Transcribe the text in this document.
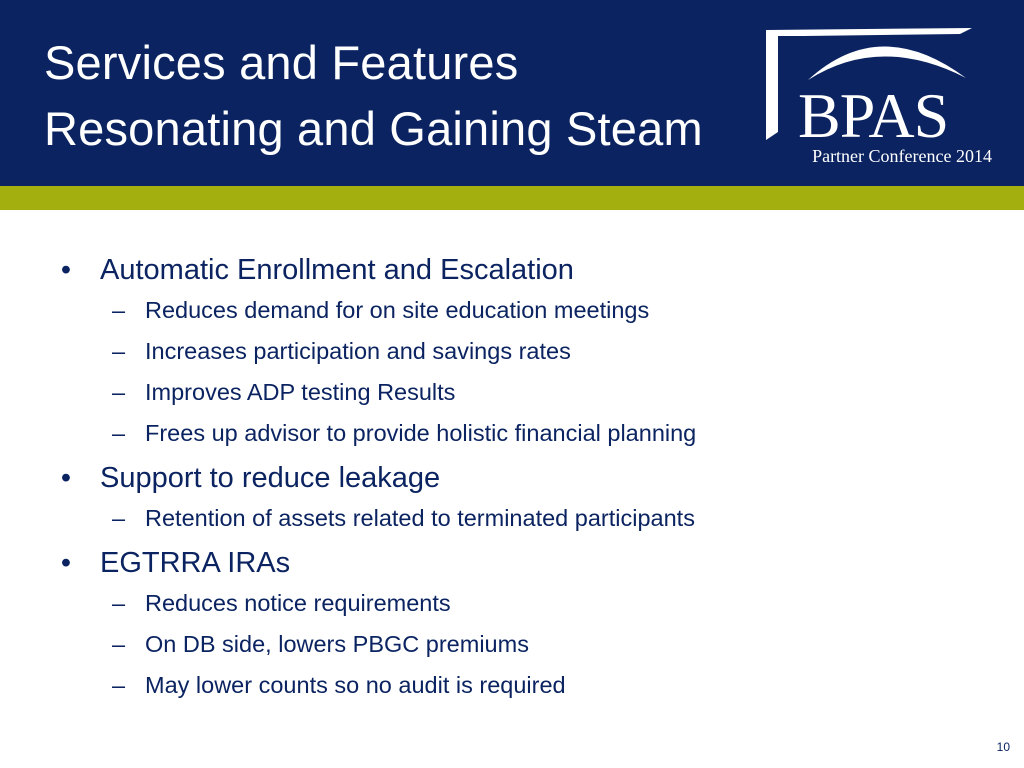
Services and Features
Resonating and Gaining Steam	BPAS
Partner Conference 2014
• Automatic Enrollment and Escalation
– Reduces demand for on site education meetings
– Increases participation and savings rates
– Improves ADP testing Results
– Frees up advisor to provide holistic financial planning
• Support to reduce leakage
– Retention of assets related to terminated participants
• EGTRRA IRAs
– Reduces notice requirements
– On DB side, lowers PBGC premiums
– May lower counts so no audit is required
10
